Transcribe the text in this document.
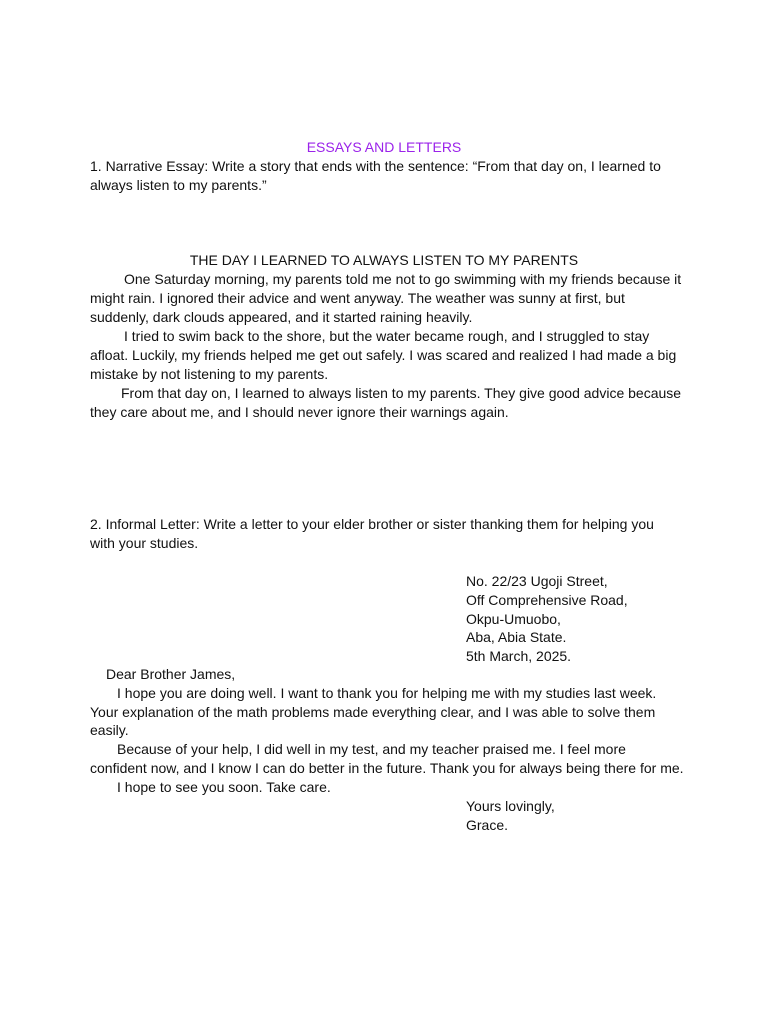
ESSAYS AND LETTERS
1. Narrative Essay: Write a story that ends with the sentence: “From that day on, I learned to
always listen to my parents.”
THE DAY I LEARNED TO ALWAYS LISTEN TO MY PARENTS
One Saturday morning, my parents told me not to go swimming with my friends because it
might rain. I ignored their advice and went anyway. The weather was sunny at first, but
suddenly, dark clouds appeared, and it started raining heavily.
I tried to swim back to the shore, but the water became rough, and I struggled to stay
afloat. Luckily, my friends helped me get out safely. I was scared and realized I had made a big
mistake by not listening to my parents.
From that day on, I learned to always listen to my parents. They give good advice because
they care about me, and I should never ignore their warnings again.
2. Informal Letter: Write a letter to your elder brother or sister thanking them for helping you
with your studies.
No. 22/23 Ugoji Street,
Off Comprehensive Road,
Okpu-Umuobo,
Aba, Abia State.
5th March, 2025.
Dear Brother James,
I hope you are doing well. I want to thank you for helping me with my studies last week.
Your explanation of the math problems made everything clear, and I was able to solve them
easily.
Because of your help, I did well in my test, and my teacher praised me. I feel more
confident now, and I know I can do better in the future. Thank you for always being there for me.
I hope to see you soon. Take care.
Yours lovingly,
Grace.
